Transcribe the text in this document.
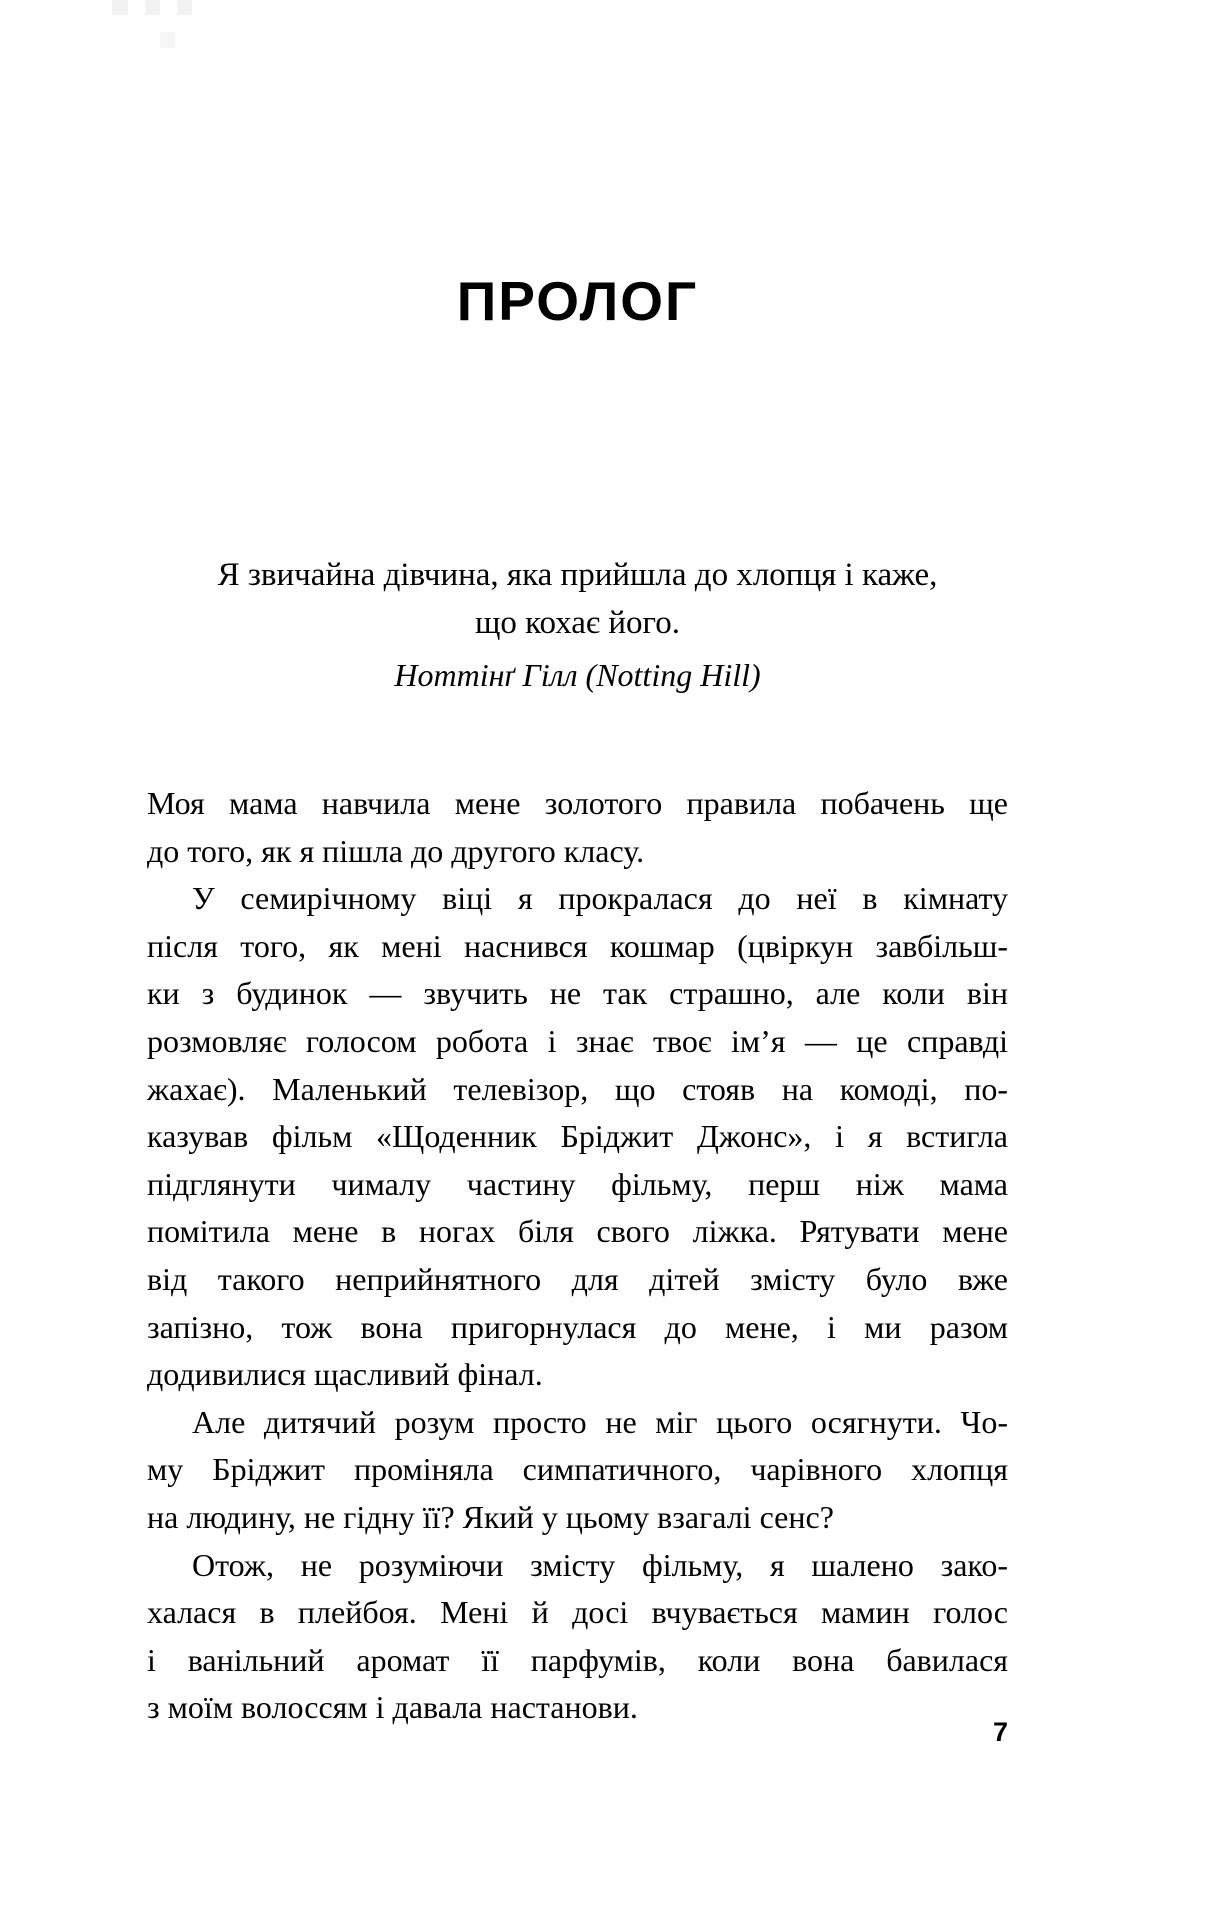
ПРОЛОГ
Я звичайна дівчина, яка прийшла до хлопця і каже,
що кохає його.
Ноттінґ Гілл (Notting Hill)
Моя мама навчила мене золотого правила побачень ще
до того, як я пішла до другого класу.
У семирічному віці я прокралася до неї в кімнату
після того, як мені наснився кошмар (цвіркун завбільш-
ки з будинок — звучить не так страшно, але коли він
розмовляє голосом робота і знає твоє ім’я — це справді
жахає). Маленький телевізор, що стояв на комоді, по-
казував фільм «Щоденник Бріджит Джонс», і я встигла
підглянути чималу частину фільму, перш ніж мама
помітила мене в ногах біля свого ліжка. Рятувати мене
від такого неприйнятного для дітей змісту було вже
запізно, тож вона пригорнулася до мене, і ми разом
додивилися щасливий фінал.
Але дитячий розум просто не міг цього осягнути. Чо-
му Бріджит проміняла симпатичного, чарівного хлопця
на людину, не гідну її? Який у цьому взагалі сенс?
Отож, не розуміючи змісту фільму, я шалено зако-
халася в плейбоя. Мені й досі вчувається мамин голос
і ванільний аромат її парфумів, коли вона бавилася
з моїм волоссям і давала настанови.
7
